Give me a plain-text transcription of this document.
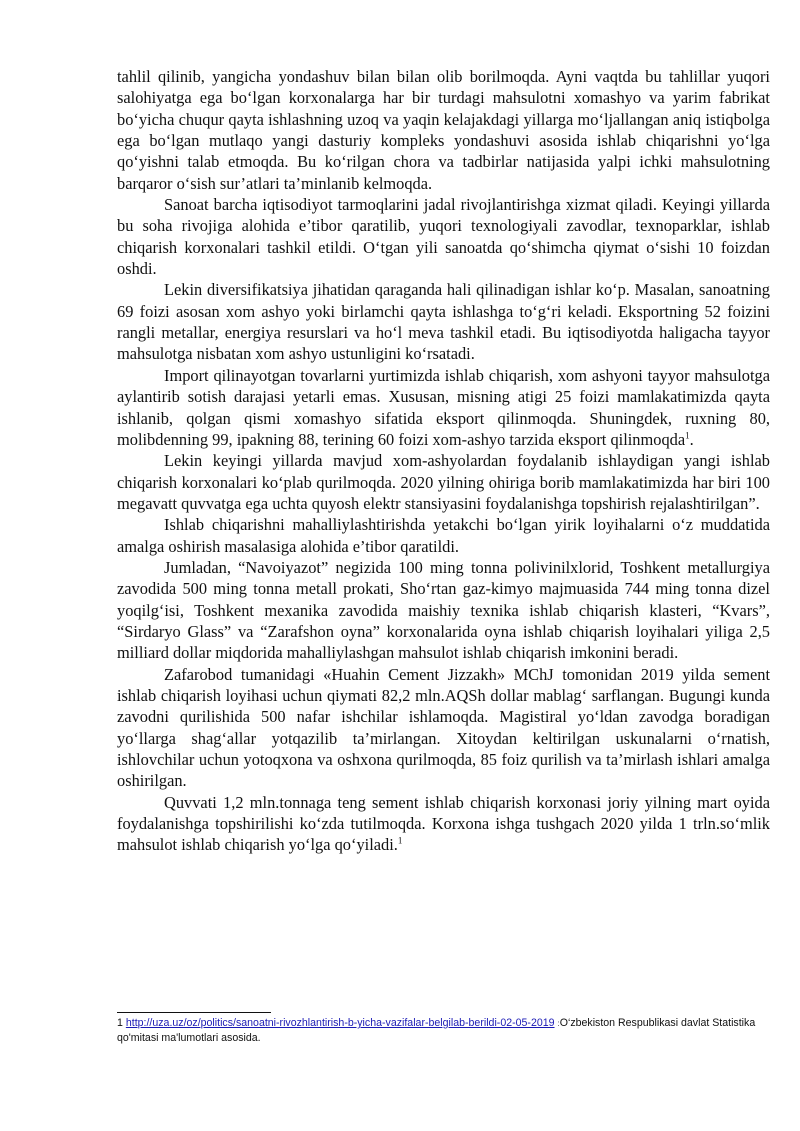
tahlil qilinib, yangicha yondashuv bilan bilan olib borilmoqda. Ayni vaqtda bu tahlillar yuqori salohiyatga ega bo‘lgan korxonalarga har bir turdagi mahsulotni xomashyo va yarim fabrikat bo‘yicha chuqur qayta ishlashning uzoq va yaqin kelajakdagi yillarga mo‘ljallangan aniq istiqbolga ega bo‘lgan mutlaqo yangi dasturiy kompleks yondashuvi asosida ishlab chiqarishni yo‘lga qo‘yishni talab etmoqda. Bu ko‘rilgan chora va tadbirlar natijasida yalpi ichki mahsulotning barqaror o‘sish sur’atlari ta’minlanib kelmoqda.

Sanoat barcha iqtisodiyot tarmoqlarini jadal rivojlantirishga xizmat qiladi. Keyingi yillarda bu soha rivojiga alohida e’tibor qaratilib, yuqori texnologiyali zavodlar, texnoparklar, ishlab chiqarish korxonalari tashkil etildi. O‘tgan yili sanoatda qo‘shimcha qiymat o‘sishi 10 foizdan oshdi.

Lekin diversifikatsiya jihatidan qaraganda hali qilinadigan ishlar ko‘p. Masalan, sanoatning 69 foizi asosan xom ashyo yoki birlamchi qayta ishlashga to‘g‘ri keladi. Eksportning 52 foizini rangli metallar, energiya resurslari va ho‘l meva tashkil etadi. Bu iqtisodiyotda haligacha tayyor mahsulotga nisbatan xom ashyo ustunligini ko‘rsatadi.

Import qilinayotgan tovarlarni yurtimizda ishlab chiqarish, xom ashyoni tayyor mahsulotga aylantirib sotish darajasi yetarli emas. Xususan, misning atigi 25 foizi mamlakatimizda qayta ishlanib, qolgan qismi xomashyo sifatida eksport qilinmoqda. Shuningdek, ruxning 80, molibdenning 99, ipakning 88, terining 60 foizi xom-ashyo tarzida eksport qilinmoqda$^1$.

Lekin keyingi yillarda mavjud xom-ashyolardan foydalanib ishlaydigan yangi ishlab chiqarish korxonalari ko‘plab qurilmoqda. 2020 yilning ohiriga borib mamlakatimizda har biri 100 megavatt quvvatga ega uchta quyosh elektr stansiyasini foydalanishga topshirish rejalashtirilgan”.

Ishlab chiqarishni mahalliylashtirishda yetakchi bo‘lgan yirik loyihalarni o‘z muddatida amalga oshirish masalasiga alohida e’tibor qaratildi.

Jumladan, “Navoiyazot” negizida 100 ming tonna polivinilxlorid, Toshkent metallurgiya zavodida 500 ming tonna metall prokati, Sho‘rtan gaz-kimyo majmuasida 744 ming tonna dizel yoqilg‘isi, Toshkent mexanika zavodida maishiy texnika ishlab chiqarish klasteri, “Kvars”, “Sirdaryo Glass” va “Zarafshon oyna” korxonalarida oyna ishlab chiqarish loyihalari yiliga 2,5 milliard dollar miqdorida mahalliylashgan mahsulot ishlab chiqarish imkonini beradi.

Zafarobod tumanidagi «Huahin Cement Jizzakh» MChJ tomonidan 2019 yilda sement ishlab chiqarish loyihasi uchun qiymati 82,2 mln.AQSh dollar mablag‘ sarflangan. Bugungi kunda zavodni qurilishida 500 nafar ishchilar ishlamoqda. Magistiral yo‘ldan zavodga boradigan yo‘llarga shag‘allar yotqazilib ta’mirlangan. Xitoydan keltirilgan uskunalarni o‘rnatish, ishlovchilar uchun yotoqxona va oshxona qurilmoqda, 85 foiz qurilish va ta’mirlash ishlari amalga oshirilgan.

Quvvati 1,2 mln.tonnaga teng sement ishlab chiqarish korxonasi joriy yilning mart oyida foydalanishga topshirilishi ko‘zda tutilmoqda. Korxona ishga tushgach 2020 yilda 1 trln.so‘mlik mahsulot ishlab chiqarish yo‘lga qo‘yiladi.$^1$

1 http://uza.uz/oz/politics/sanoatni-rivozhlantirish-b-yicha-vazifalar-belgilab-berildi-02-05-2019 :O‘zbekiston Respublikasi davlat Statistika qo'mitasi ma'lumotlari asosida.
